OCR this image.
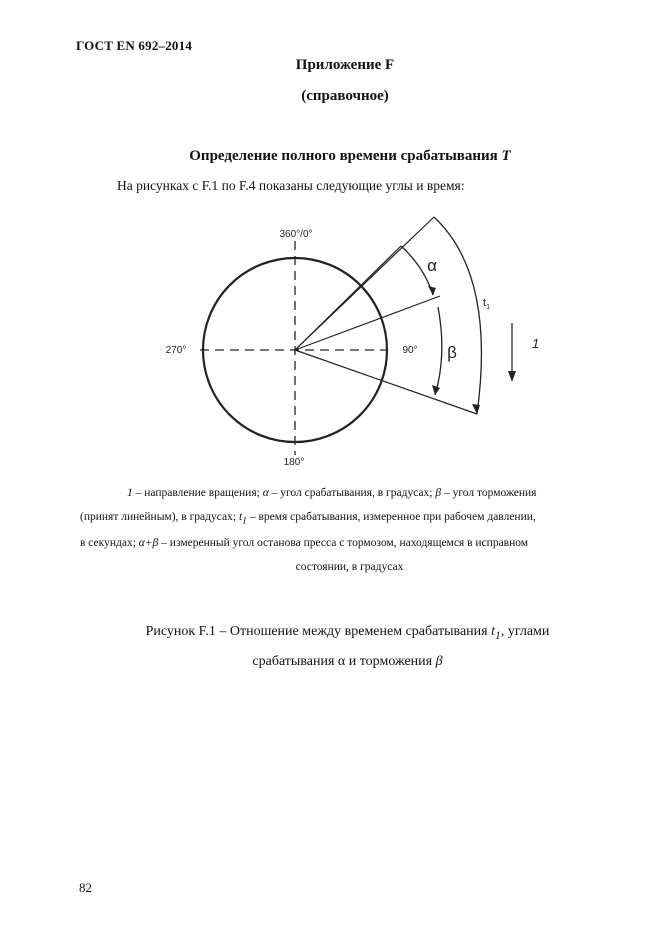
ГОСТ EN 692–2014
Приложение F
(справочное)
Определение полного времени срабатывания T
На рисунках с F.1 по F.4 показаны следующие углы и время:
360°/0°
270°	90°
180°
α
β
$t_1$
1
1 – направление вращения; α – угол срабатывания, в градусах; β – угол торможения
(принят линейным), в градусах; $t_1$ – время срабатывания, измеренное при рабочем давлении,
в секундах; α+β – измеренный угол останова пресса с тормозом, находящемся в исправном
состоянии, в градусах
Рисунок F.1 – Отношение между временем срабатывания $t_1$, углами
срабатывания α и торможения β
82
